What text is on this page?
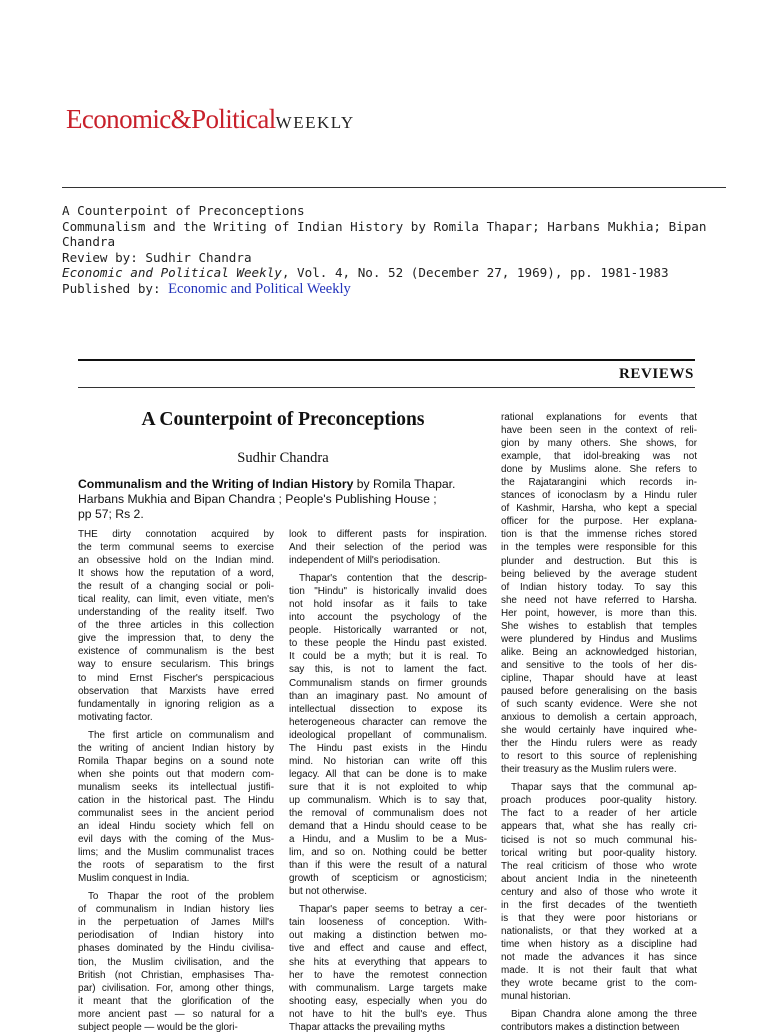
Economic&PoliticalWEEKLY
A Counterpoint of Preconceptions
Communalism and the Writing of Indian History by Romila Thapar; Harbans Mukhia; Bipan
Chandra
Review by: Sudhir Chandra
Economic and Political Weekly, Vol. 4, No. 52 (December 27, 1969), pp. 1981-1983
Published by: Economic and Political Weekly
REVIEWS
A Counterpoint of Preconceptions
Sudhir Chandra
Communalism and the Writing of Indian History by Romila Thapar.
Harbans Mukhia and Bipan Chandra ; People's Publishing House ;
pp 57; Rs 2.
THE dirty connotation acquired by
the term communal seems to exercise
an obsessive hold on the Indian mind.
It shows how the reputation of a word,
the result of a changing social or poli-
tical reality, can limit, even vitiate, men's
understanding of the reality itself. Two
of the three articles in this collection
give the impression that, to deny the
existence of communalism is the best
way to ensure secularism. This brings
to mind Ernst Fischer's perspicacious
observation that Marxists have erred
fundamentally in ignoring religion as a
motivating factor.
The first article on communalism and
the writing of ancient Indian history by
Romila Thapar begins on a sound note
when she points out that modern com-
munalism seeks its intellectual justifi-
cation in the historical past. The Hindu
communalist sees in the ancient period
an ideal Hindu society which fell on
evil days with the coming of the Mus-
lims; and the Muslim communalist traces
the roots of separatism to the first
Muslim conquest in India.
To Thapar the root of the problem
of communalism in Indian history lies
in the perpetuation of James Mill's
periodisation of Indian history into
phases dominated by the Hindu civilisa-
tion, the Muslim civilisation, and the
British (not Christian, emphasises Tha-
par) civilisation. For, among other things,
it meant that the glorification of the
more ancient past — so natural for a
subject people — would be the glori-
look to different pasts for inspiration.
And their selection of the period was
independent of Mill's periodisation.
Thapar's contention that the descrip-
tion "Hindu" is historically invalid does
not hold insofar as it fails to take
into account the psychology of the
people. Historically warranted or not,
to these people the Hindu past existed.
It could be a myth; but it is real. To
say this, is not to lament the fact.
Communalism stands on firmer grounds
than an imaginary past. No amount of
intellectual dissection to expose its
heterogeneous character can remove the
ideological propellant of communalism.
The Hindu past exists in the Hindu
mind. No historian can write off this
legacy. All that can be done is to make
sure that it is not exploited to whip
up communalism. Which is to say that,
the removal of communalism does not
demand that a Hindu should cease to be
a Hindu, and a Muslim to be a Mus-
lim, and so on. Nothing could be better
than if this were the result of a natural
growth of scepticism or agnosticism;
but not otherwise.
Thapar's paper seems to betray a cer-
tain looseness of conception. With-
out making a distinction betwen mo-
tive and effect and cause and effect,
she hits at everything that appears to
her to have the remotest connection
with communalism. Large targets make
shooting easy, especially when you do
not have to hit the bull's eye. Thus
Thapar attacks the prevailing myths
rational explanations for events that
have been seen in the context of reli-
gion by many others. She shows, for
example, that idol-breaking was not
done by Muslims alone. She refers to
the Rajatarangini which records in-
stances of iconoclasm by a Hindu ruler
of Kashmir, Harsha, who kept a special
officer for the purpose. Her explana-
tion is that the immense riches stored
in the temples were responsible for this
plunder and destruction. But this is
being believed by the average student
of Indian history today. To say this
she need not have referred to Harsha.
Her point, however, is more than this.
She wishes to establish that temples
were plundered by Hindus and Muslims
alike. Being an acknowledged historian,
and sensitive to the tools of her dis-
cipline, Thapar should have at least
paused before generalising on the basis
of such scanty evidence. Were she not
anxious to demolish a certain approach,
she would certainly have inquired whe-
ther the Hindu rulers were as ready
to resort to this source of replenishing
their treasury as the Muslim rulers were.
Thapar says that the communal ap-
proach produces poor-quality history.
The fact to a reader of her article
appears that, what she has really cri-
ticised is not so much communal his-
torical writing but poor-quality history.
The real criticism of those who wrote
about ancient India in the nineteenth
century and also of those who wrote it
in the first decades of the twentieth
is that they were poor historians or
nationalists, or that they worked at a
time when history as a discipline had
not made the advances it has since
made. It is not their fault that what
they wrote became grist to the com-
munal historian.
Bipan Chandra alone among the three
contributors makes a distinction between
